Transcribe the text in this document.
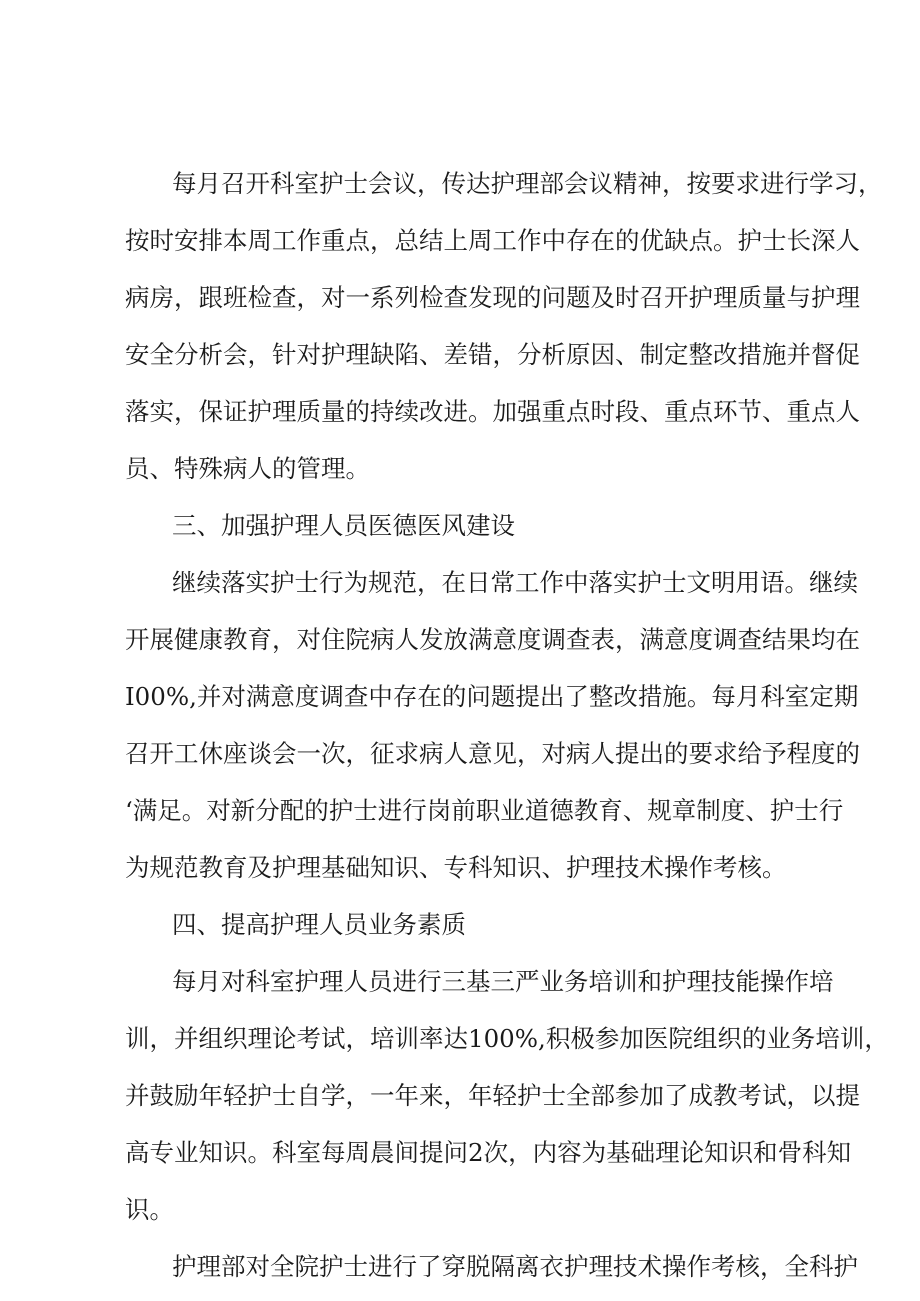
每月召开科室护士会议，传达护理部会议精神，按要求进行学习，
按时安排本周工作重点，总结上周工作中存在的优缺点。护士长深人
病房，跟班检查，对一系列检查发现的问题及时召开护理质量与护理
安全分析会，针对护理缺陷、差错，分析原因、制定整改措施并督促
落实，保证护理质量的持续改进。加强重点时段、重点环节、重点人
员、特殊病人的管理。
三、加强护理人员医德医风建设
继续落实护士行为规范，在日常工作中落实护士文明用语。继续
开展健康教育，对住院病人发放满意度调查表，满意度调查结果均在
I00%,并对满意度调查中存在的问题提出了整改措施。每月科室定期
召开工休座谈会一次，征求病人意见，对病人提出的要求给予程度的
‘满足。对新分配的护士进行岗前职业道德教育、规章制度、护士行
为规范教育及护理基础知识、专科知识、护理技术操作考核。
四、提高护理人员业务素质
每月对科室护理人员进行三基三严业务培训和护理技能操作培
训，并组织理论考试，培训率达100%,积极参加医院组织的业务培训，
并鼓励年轻护士自学，一年来，年轻护士全部参加了成教考试，以提
高专业知识。科室每周晨间提问2次，内容为基础理论知识和骨科知
识。
护理部对全院护士进行了穿脱隔离衣护理技术操作考核，全科护
